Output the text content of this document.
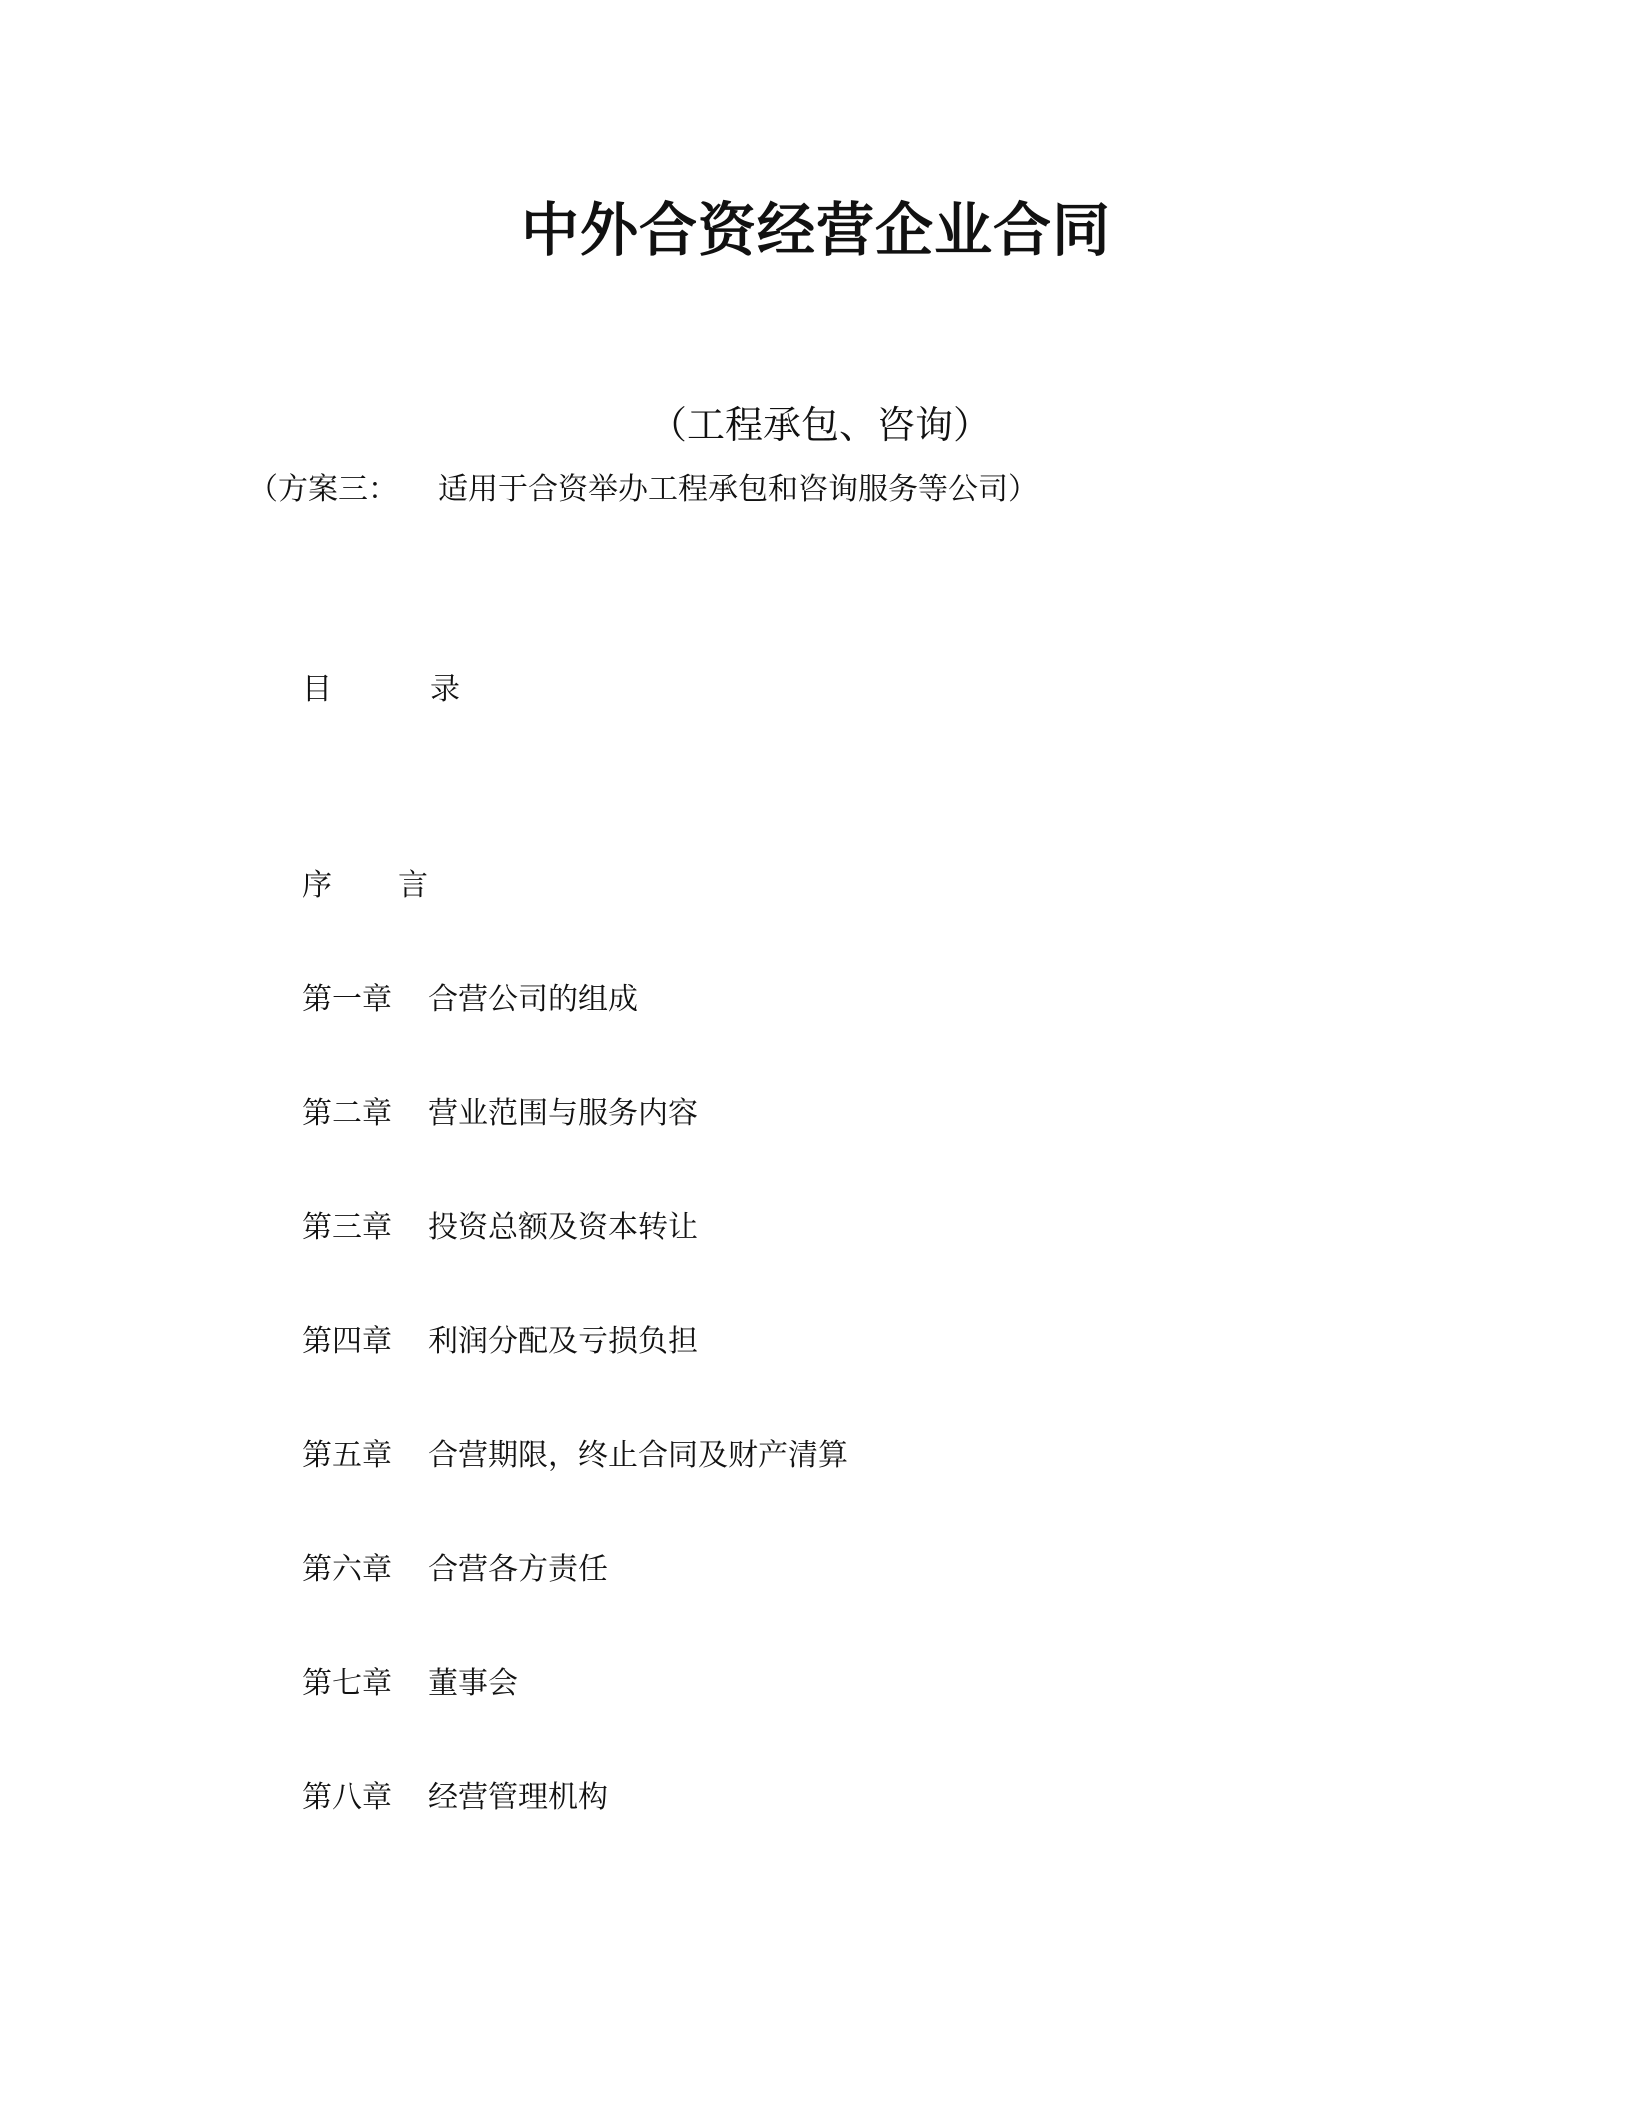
中外合资经营企业合同
（工程承包、咨询）
（方案三： 适用于合资举办工程承包和咨询服务等公司）
目	录
序 言
第一章 合营公司的组成
第二章 营业范围与服务内容
第三章 投资总额及资本转让
第四章 利润分配及亏损负担
第五章 合营期限，终止合同及财产清算
第六章 合营各方责任
第七章 董事会
第八章 经营管理机构
